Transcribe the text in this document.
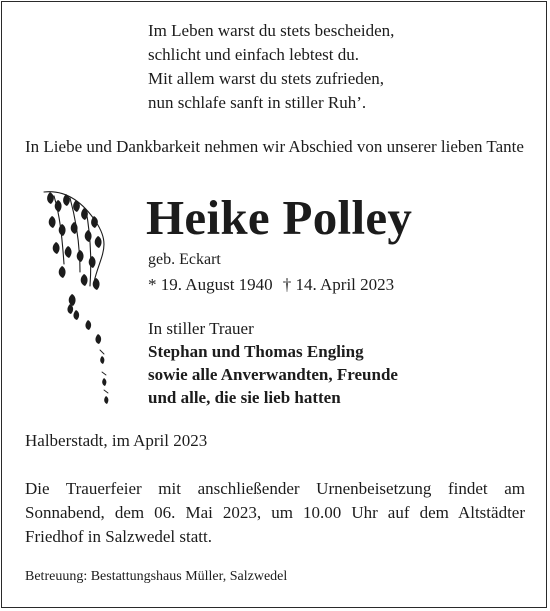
Im Leben warst du stets bescheiden,
schlicht und einfach lebtest du.
Mit allem warst du stets zufrieden,
nun schlafe sanft in stiller Ruh’.
In Liebe und Dankbarkeit nehmen wir Abschied von unserer lieben Tante
Heike Polley
geb. Eckart
* 19. August 1940 † 14. April 2023
In stiller Trauer
Stephan und Thomas Engling
sowie alle Anverwandten, Freunde
und alle, die sie lieb hatten
Halberstadt, im April 2023
Die Trauerfeier mit anschließender Urnenbeisetzung findet am Sonnabend, dem 06. Mai 2023, um 10.00 Uhr auf dem Altstädter Friedhof in Salzwedel statt.
Betreuung: Bestattungshaus Müller, Salzwedel
